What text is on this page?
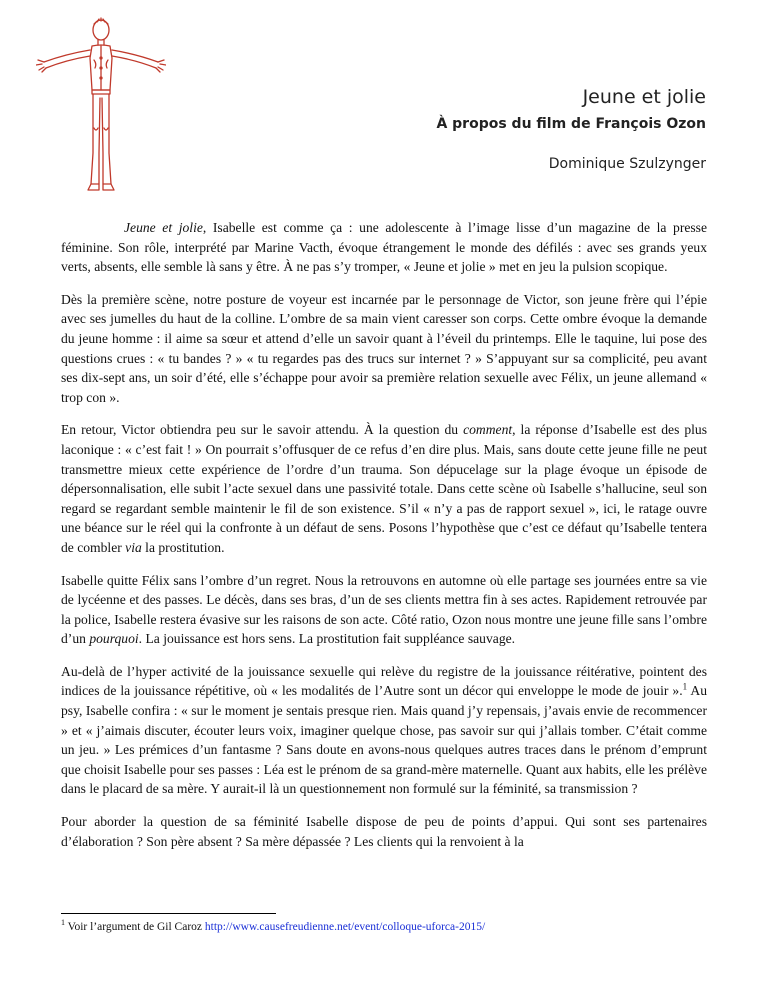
Jeune et jolie
À propos du film de François Ozon
Dominique Szulzynger

Jeune et jolie, Isabelle est comme ça : une adolescente à l’image lisse d’un magazine de la presse féminine. Son rôle, interprété par Marine Vacth, évoque étrangement le monde des défilés : avec ses grands yeux verts, absents, elle semble là sans y être. À ne pas s’y tromper, « Jeune et jolie » met en jeu la pulsion scopique.

Dès la première scène, notre posture de voyeur est incarnée par le personnage de Victor, son jeune frère qui l’épie avec ses jumelles du haut de la colline. L’ombre de sa main vient caresser son corps. Cette ombre évoque la demande du jeune homme : il aime sa sœur et attend d’elle un savoir quant à l’éveil du printemps. Elle le taquine, lui pose des questions crues : « tu bandes ? » « tu regardes pas des trucs sur internet ? » S’appuyant sur sa complicité, peu avant ses dix-sept ans, un soir d’été, elle s’échappe pour avoir sa première relation sexuelle avec Félix, un jeune allemand « trop con ».

En retour, Victor obtiendra peu sur le savoir attendu. À la question du comment, la réponse d’Isabelle est des plus laconique : « c’est fait ! » On pourrait s’offusquer de ce refus d’en dire plus. Mais, sans doute cette jeune fille ne peut transmettre mieux cette expérience de l’ordre d’un trauma. Son dépucelage sur la plage évoque un épisode de dépersonnalisation, elle subit l’acte sexuel dans une passivité totale. Dans cette scène où Isabelle s’hallucine, seul son regard se regardant semble maintenir le fil de son existence. S’il « n’y a pas de rapport sexuel », ici, le ratage ouvre une béance sur le réel qui la confronte à un défaut de sens. Posons l’hypothèse que c’est ce défaut qu’Isabelle tentera de combler via la prostitution.

Isabelle quitte Félix sans l’ombre d’un regret. Nous la retrouvons en automne où elle partage ses journées entre sa vie de lycéenne et des passes. Le décès, dans ses bras, d’un de ses clients mettra fin à ses actes. Rapidement retrouvée par la police, Isabelle restera évasive sur les raisons de son acte. Côté ratio, Ozon nous montre une jeune fille sans l’ombre d’un pourquoi. La jouissance est hors sens. La prostitution fait suppléance sauvage.

Au-delà de l’hyper activité de la jouissance sexuelle qui relève du registre de la jouissance réitérative, pointent des indices de la jouissance répétitive, où « les modalités de l’Autre sont un décor qui enveloppe le mode de jouir ».$^1$ Au psy, Isabelle confira : « sur le moment je sentais presque rien. Mais quand j’y repensais, j’avais envie de recommencer » et « j’aimais discuter, écouter leurs voix, imaginer quelque chose, pas savoir sur qui j’allais tomber. C’était comme un jeu. » Les prémices d’un fantasme ? Sans doute en avons-nous quelques autres traces dans le prénom d’emprunt que choisit Isabelle pour ses passes : Léa est le prénom de sa grand-mère maternelle. Quant aux habits, elle les prélève dans le placard de sa mère. Y aurait-il là un questionnement non formulé sur la féminité, sa transmission ?

Pour aborder la question de sa féminité Isabelle dispose de peu de points d’appui. Qui sont ses partenaires d’élaboration ? Son père absent ? Sa mère dépassée ? Les clients qui la renvoient à la

$^1$ Voir l’argument de Gil Caroz http://www.causefreudienne.net/event/colloque-uforca-2015/
